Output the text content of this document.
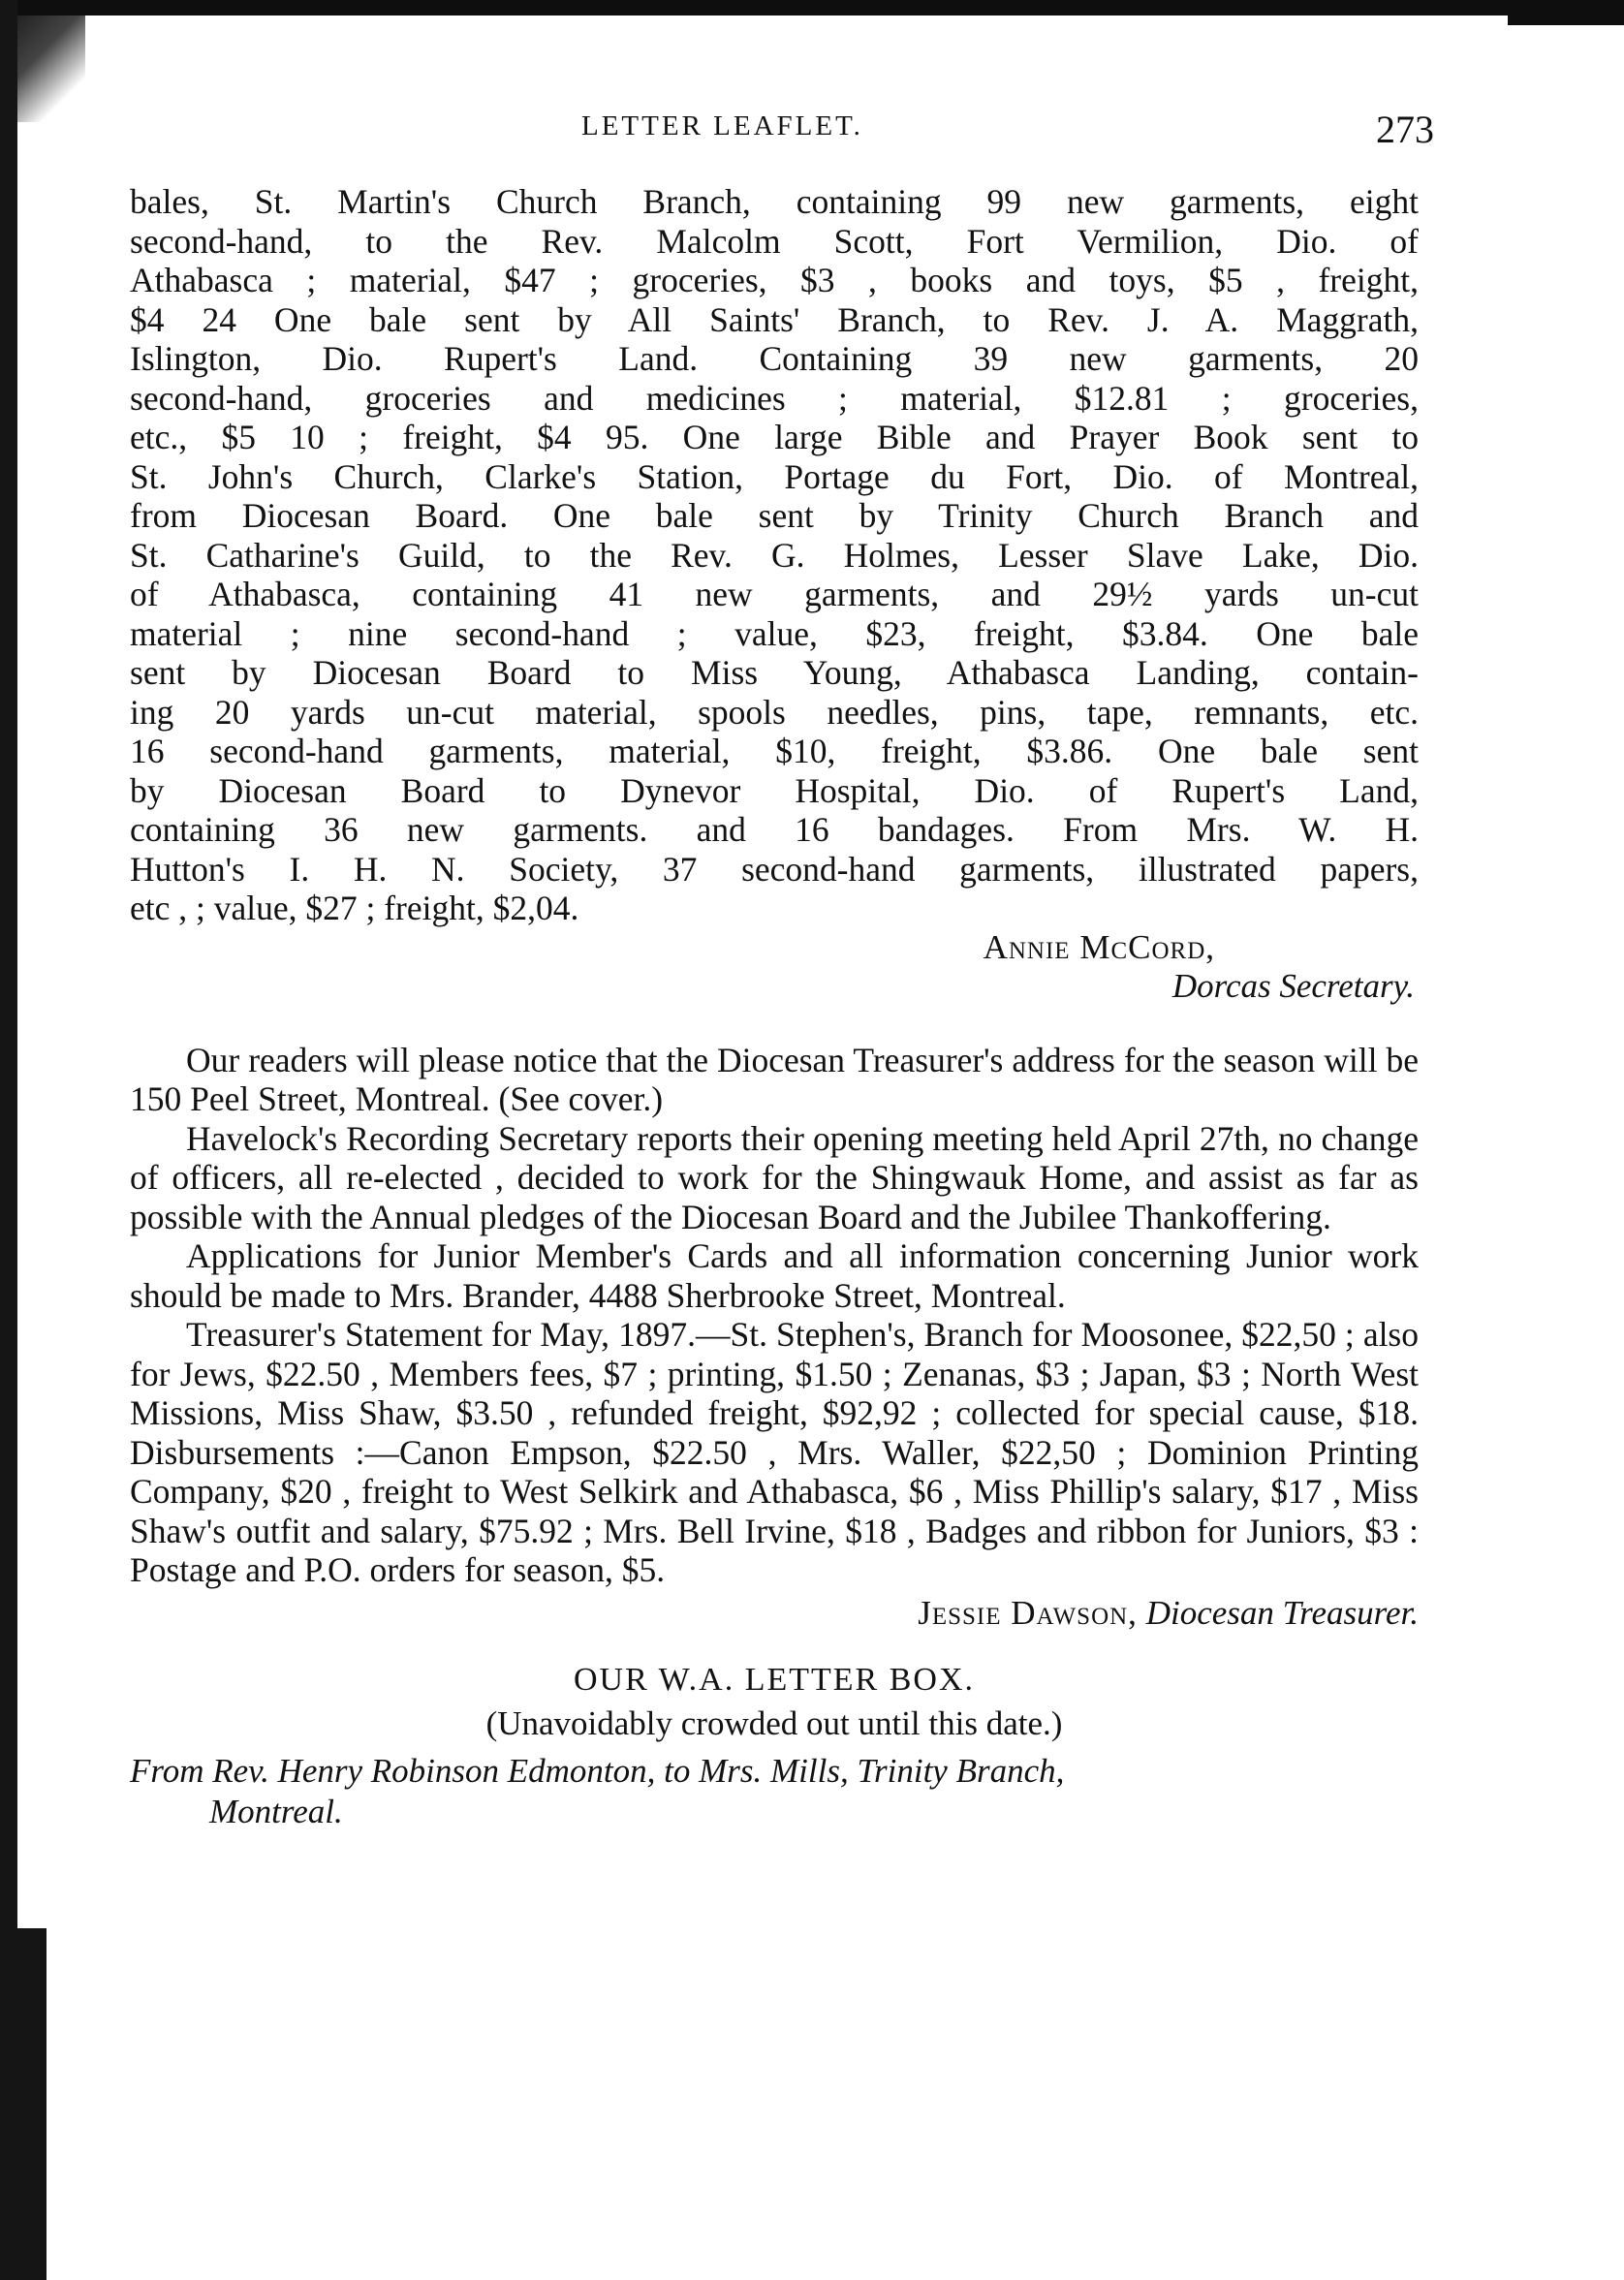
LETTER LEAFLET.	273
bales, St. Martin's Church Branch, containing 99 new garments, eight
second-hand, to the Rev. Malcolm Scott, Fort Vermilion, Dio. of
Athabasca ; material, $47 ; groceries, $3 , books and toys, $5 , freight,
$4 24 One bale sent by All Saints' Branch, to Rev. J. A. Maggrath,
Islington, Dio. Rupert's Land. Containing 39 new garments, 20
second-hand, groceries and medicines ; material, $12.81 ; groceries,
etc., $5 10 ; freight, $4 95. One large Bible and Prayer Book sent to
St. John's Church, Clarke's Station, Portage du Fort, Dio. of Montreal,
from Diocesan Board. One bale sent by Trinity Church Branch and
St. Catharine's Guild, to the Rev. G. Holmes, Lesser Slave Lake, Dio.
of Athabasca, containing 41 new garments, and 29½ yards un-cut
material ; nine second-hand ; value, $23, freight, $3.84. One bale
sent by Diocesan Board to Miss Young, Athabasca Landing, contain-
ing 20 yards un-cut material, spools needles, pins, tape, remnants, etc.
16 second-hand garments, material, $10, freight, $3.86. One bale sent
by Diocesan Board to Dynevor Hospital, Dio. of Rupert's Land,
containing 36 new garments. and 16 bandages. From Mrs. W. H.
Hutton's I. H. N. Society, 37 second-hand garments, illustrated papers,
etc , ; value, $27 ; freight, $2,04.

Annie McCord,

Dorcas Secretary.

Our readers will please notice that the Diocesan Treasurer's address for the season will be 150 Peel Street, Montreal. (See cover.)

Havelock's Recording Secretary reports their opening meeting held April 27th, no change of officers, all re-elected , decided to work for the Shingwauk Home, and assist as far as possible with the Annual pledges of the Diocesan Board and the Jubilee Thankoffering.

Applications for Junior Member's Cards and all information concerning Junior work should be made to Mrs. Brander, 4488 Sherbrooke Street, Montreal.

Treasurer's Statement for May, 1897.—St. Stephen's, Branch for Moosonee, $22,50 ; also for Jews, $22.50 , Members fees, $7 ; printing, $1.50 ; Zenanas, $3 ; Japan, $3 ; North West Missions, Miss Shaw, $3.50 , refunded freight, $92,92 ; collected for special cause, $18. Disbursements :—Canon Empson, $22.50 , Mrs. Waller, $22,50 ; Dominion Printing Company, $20 , freight to West Selkirk and Athabasca, $6 , Miss Phillip's salary, $17 , Miss Shaw's outfit and salary, $75.92 ; Mrs. Bell Irvine, $18 , Badges and ribbon for Juniors, $3 : Postage and P.O. orders for season, $5.

Jessie Dawson, Diocesan Treasurer.

OUR W.A. LETTER BOX.

(Unavoidably crowded out until this date.)

From Rev. Henry Robinson Edmonton, to Mrs. Mills, Trinity Branch,

Montreal.
